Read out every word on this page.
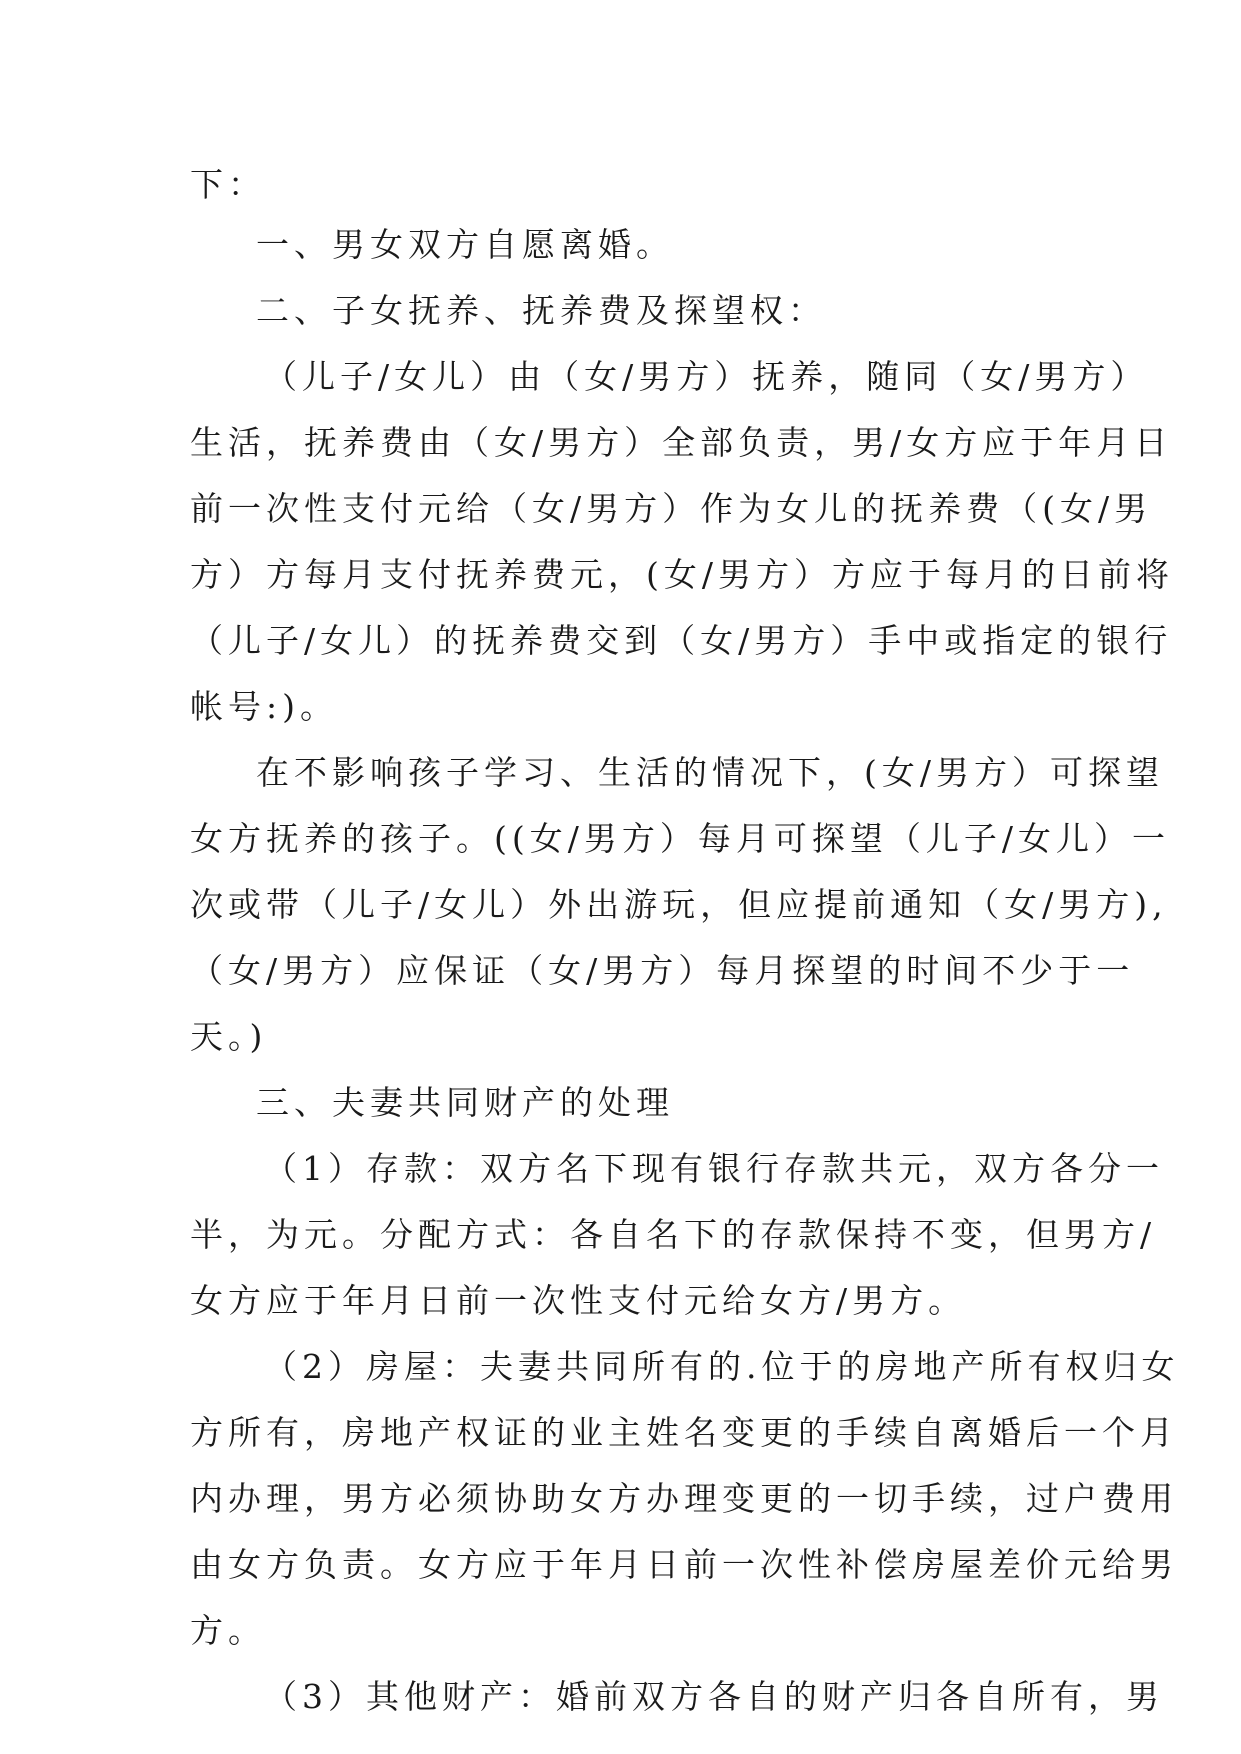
下：
一、男女双方自愿离婚。
二、子女抚养、抚养费及探望权：
（儿子/女儿）由（女/男方）抚养，随同（女/男方）
生活，抚养费由（女/男方）全部负责，男/女方应于年月日
前一次性支付元给（女/男方）作为女儿的抚养费（(女/男
方）方每月支付抚养费元，(女/男方）方应于每月的日前将
（儿子/女儿）的抚养费交到（女/男方）手中或指定的银行
帐号:)。
在不影响孩子学习、生活的情况下，(女/男方）可探望
女方抚养的孩子。((女/男方）每月可探望（儿子/女儿）一
次或带（儿子/女儿）外出游玩，但应提前通知（女/男方),
（女/男方）应保证（女/男方）每月探望的时间不少于一
天。)
三、夫妻共同财产的处理
（1）存款：双方名下现有银行存款共元，双方各分一
半，为元。分配方式：各自名下的存款保持不变，但男方/
女方应于年月日前一次性支付元给女方/男方。
（2）房屋：夫妻共同所有的.位于的房地产所有权归女
方所有，房地产权证的业主姓名变更的手续自离婚后一个月
内办理，男方必须协助女方办理变更的一切手续，过户费用
由女方负责。女方应于年月日前一次性补偿房屋差价元给男
方。
（3）其他财产：婚前双方各自的财产归各自所有，男
